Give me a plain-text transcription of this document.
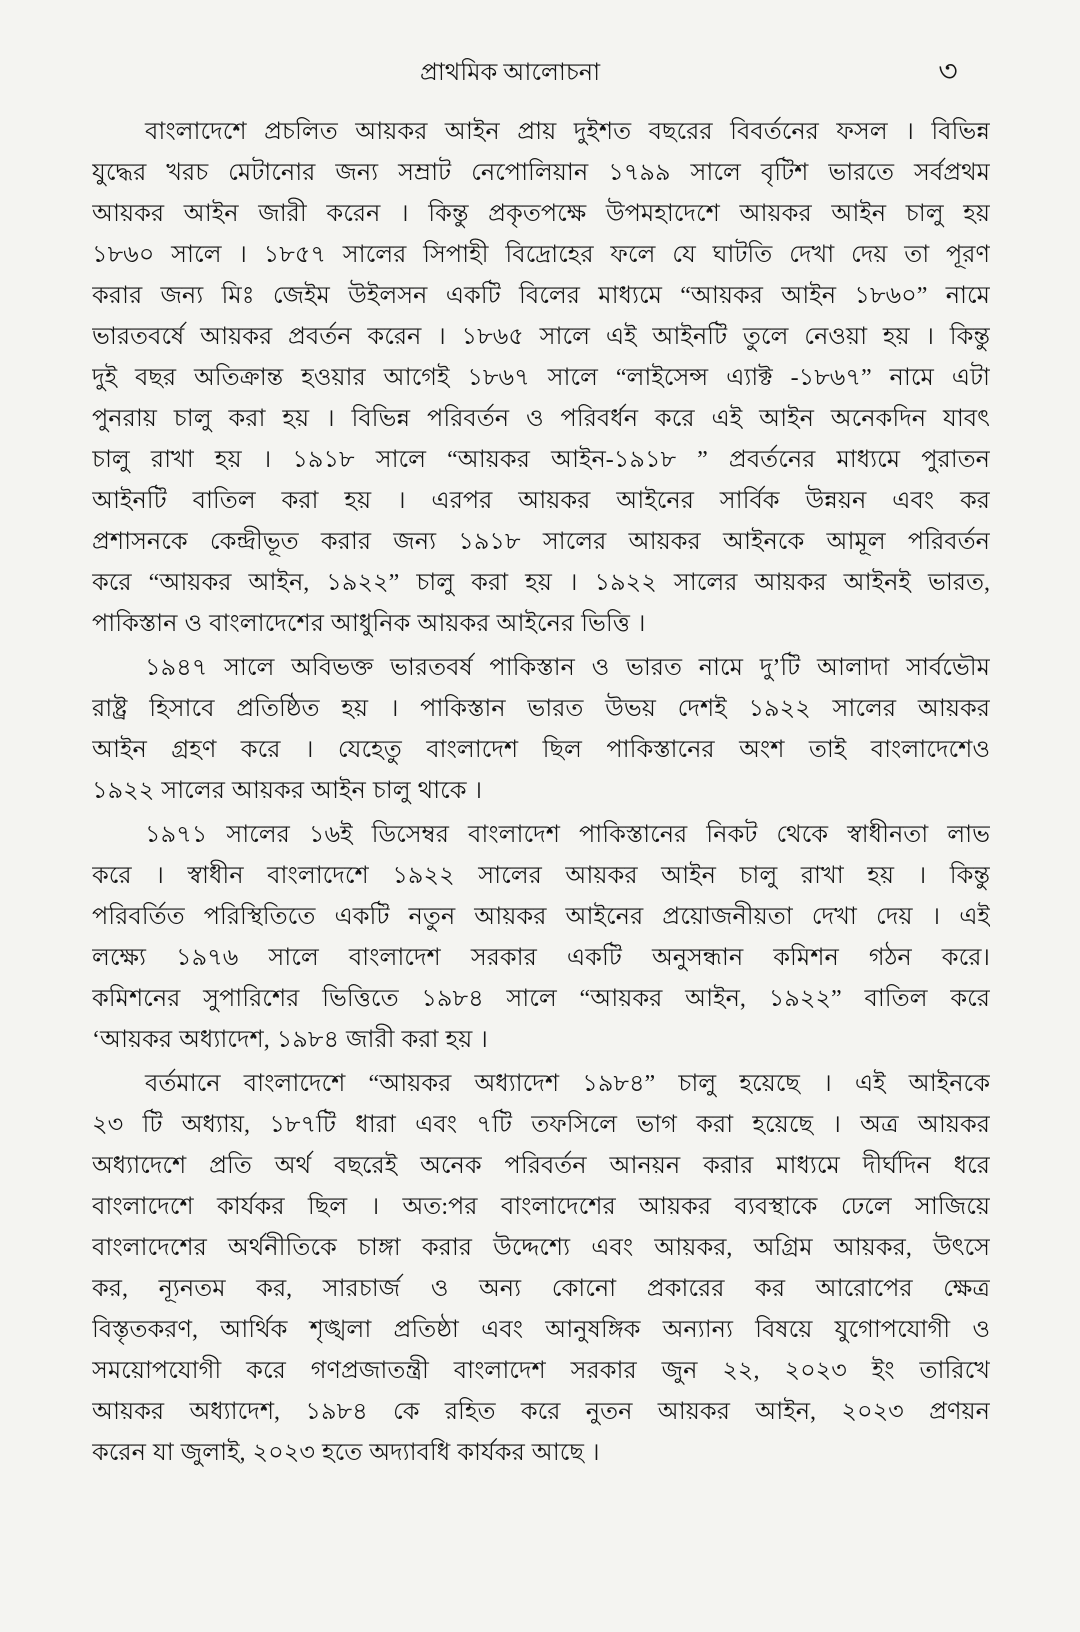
প্রাথমিক আলোচনা	৩
বাংলাদেশে প্রচলিত আয়কর আইন প্রায় দুইশত বছরের বিবর্তনের ফসল । বিভিন্ন
যুদ্ধের খরচ মেটানোর জন্য সম্রাট নেপোলিয়ান ১৭৯৯ সালে বৃটিশ ভারতে সর্বপ্রথম
আয়কর আইন জারী করেন । কিন্তু প্রকৃতপক্ষে উপমহাদেশে আয়কর আইন চালু হয়
১৮৬০ সালে । ১৮৫৭ সালের সিপাহী বিদ্রোহের ফলে যে ঘাটতি দেখা দেয় তা পূরণ
করার জন্য মিঃ জেইম উইলসন একটি বিলের মাধ্যমে “আয়কর আইন ১৮৬০” নামে
ভারতবর্ষে আয়কর প্রবর্তন করেন । ১৮৬৫ সালে এই আইনটি তুলে নেওয়া হয় । কিন্তু
দুই বছর অতিক্রান্ত হওয়ার আগেই ১৮৬৭ সালে “লাইসেন্স এ্যাক্ট -১৮৬৭” নামে এটা
পুনরায় চালু করা হয় । বিভিন্ন পরিবর্তন ও পরিবর্ধন করে এই আইন অনেকদিন যাবৎ
চালু রাখা হয় । ১৯১৮ সালে “আয়কর আইন-১৯১৮ ” প্রবর্তনের মাধ্যমে পুরাতন
আইনটি বাতিল করা হয় । এরপর আয়কর আইনের সার্বিক উন্নয়ন এবং কর
প্রশাসনকে কেন্দ্রীভূত করার জন্য ১৯১৮ সালের আয়কর আইনকে আমূল পরিবর্তন
করে “আয়কর আইন, ১৯২২” চালু করা হয় । ১৯২২ সালের আয়কর আইনই ভারত,
পাকিস্তান ও বাংলাদেশের আধুনিক আয়কর আইনের ভিত্তি ।
১৯৪৭ সালে অবিভক্ত ভারতবর্ষ পাকিস্তান ও ভারত নামে দু’টি আলাদা সার্বভৌম
রাষ্ট্র হিসাবে প্রতিষ্ঠিত হয় । পাকিস্তান ভারত উভয় দেশই ১৯২২ সালের আয়কর
আইন গ্রহণ করে । যেহেতু বাংলাদেশ ছিল পাকিস্তানের অংশ তাই বাংলাদেশেও
১৯২২ সালের আয়কর আইন চালু থাকে ।
১৯৭১ সালের ১৬ই ডিসেম্বর বাংলাদেশ পাকিস্তানের নিকট থেকে স্বাধীনতা লাভ
করে । স্বাধীন বাংলাদেশে ১৯২২ সালের আয়কর আইন চালু রাখা হয় । কিন্তু
পরিবর্তিত পরিস্থিতিতে একটি নতুন আয়কর আইনের প্রয়োজনীয়তা দেখা দেয় । এই
লক্ষ্যে ১৯৭৬ সালে বাংলাদেশ সরকার একটি অনুসন্ধান কমিশন গঠন করে।
কমিশনের সুপারিশের ভিত্তিতে ১৯৮৪ সালে “আয়কর আইন, ১৯২২” বাতিল করে
‘আয়কর অধ্যাদেশ, ১৯৮৪ জারী করা হয় ।
বর্তমানে বাংলাদেশে “আয়কর অধ্যাদেশ ১৯৮৪” চালু হয়েছে । এই আইনকে
২৩ টি অধ্যায়, ১৮৭টি ধারা এবং ৭টি তফসিলে ভাগ করা হয়েছে । অত্র আয়কর
অধ্যাদেশে প্রতি অর্থ বছরেই অনেক পরিবর্তন আনয়ন করার মাধ্যমে দীর্ঘদিন ধরে
বাংলাদেশে কার্যকর ছিল । অত:পর বাংলাদেশের আয়কর ব্যবস্থাকে ঢেলে সাজিয়ে
বাংলাদেশের অর্থনীতিকে চাঙ্গা করার উদ্দেশ্যে এবং আয়কর, অগ্রিম আয়কর, উৎসে
কর, ন্যূনতম কর, সারচার্জ ও অন্য কোনো প্রকারের কর আরোপের ক্ষেত্র
বিস্তৃতকরণ, আর্থিক শৃঙ্খলা প্রতিষ্ঠা এবং আনুষঙ্গিক অন্যান্য বিষয়ে যুগোপযোগী ও
সময়োপযোগী করে গণপ্রজাতন্ত্রী বাংলাদেশ সরকার জুন ২২, ২০২৩ ইং তারিখে
আয়কর অধ্যাদেশ, ১৯৮৪ কে রহিত করে নুতন আয়কর আইন, ২০২৩ প্রণয়ন
করেন যা জুলাই, ২০২৩ হতে অদ্যাবধি কার্যকর আছে ।
